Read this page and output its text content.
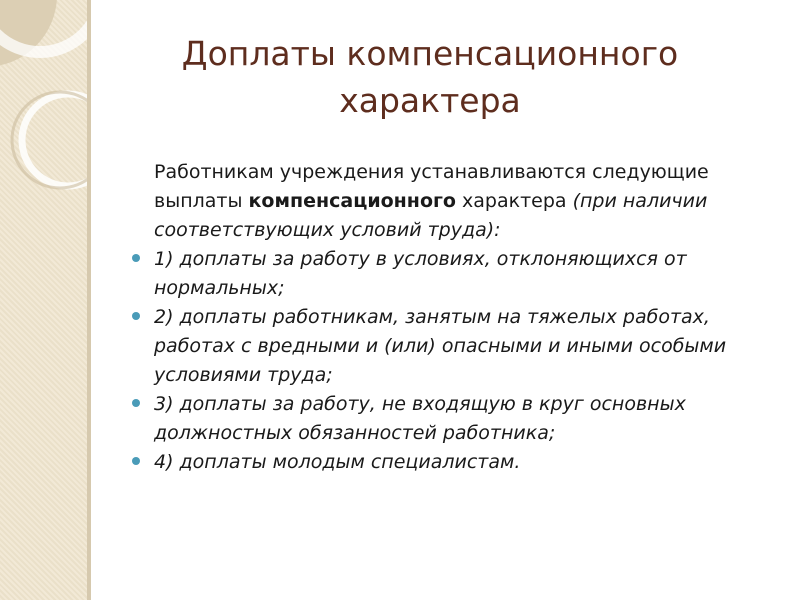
Доплаты компенсационного характера

Работникам учреждения устанавливаются следующие выплаты компенсационного характера (при наличии соответствующих условий труда):

1) доплаты за работу в условиях, отклоняющихся от нормальных;
2) доплаты работникам, занятым на тяжелых работах, работах с вредными и (или) опасными и иными особыми условиями труда;
3) доплаты за работу, не входящую в круг основных должностных обязанностей работника;
4) доплаты молодым специалистам.
